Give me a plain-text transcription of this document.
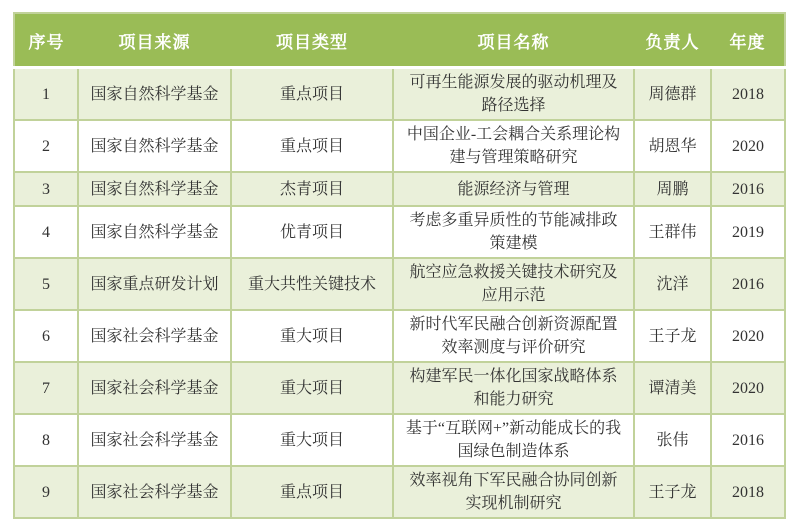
序号	项目来源	项目类型	项目名称	负责人	年度
1	国家自然科学基金	重点项目	可再生能源发展的驱动机理及路径选择	周德群	2018
2	国家自然科学基金	重点项目	中国企业-工会耦合关系理论构建与管理策略研究	胡恩华	2020
3	国家自然科学基金	杰青项目	能源经济与管理	周鹏	2016
4	国家自然科学基金	优青项目	考虑多重异质性的节能减排政策建模	王群伟	2019
5	国家重点研发计划	重大共性关键技术	航空应急救援关键技术研究及应用示范	沈洋	2016
6	国家社会科学基金	重大项目	新时代军民融合创新资源配置效率测度与评价研究	王子龙	2020
7	国家社会科学基金	重大项目	构建军民一体化国家战略体系和能力研究	谭清美	2020
8	国家社会科学基金	重大项目	基于“互联网+”新动能成长的我国绿色制造体系	张伟	2016
9	国家社会科学基金	重点项目	效率视角下军民融合协同创新实现机制研究	王子龙	2018
